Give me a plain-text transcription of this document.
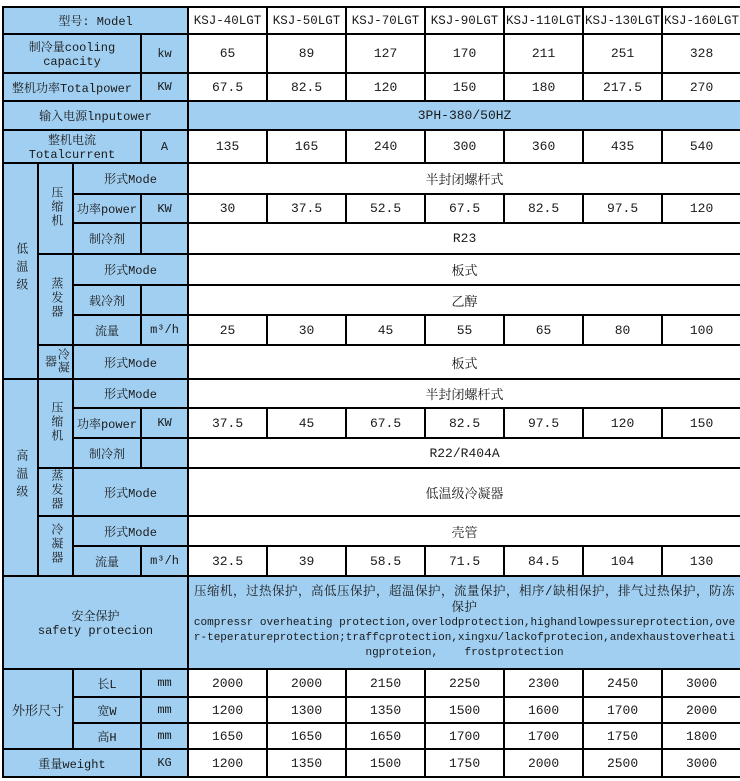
型号: Model				KSJ-40LGT	KSJ-50LGT	KSJ-70LGT	KSJ-90LGT	KSJ-110LGT	KSJ-130LGT	KSJ-160LGT
制冷量cooling capacity			kw	65	89	127	170	211	251	328
整机功率Totalpower			KW	67.5	82.5	120	150	180	217.5	270
输入电源lnputower				3PH-380/50HZ						
整机电流Totalcurrent			A	135	165	240	300	360	435	540
低温级	压缩机	形式Mode		半封闭螺杆式						
		功率power	KW	30	37.5	52.5	67.5	82.5	97.5	120
		制冷剂		R23						
	蒸发器	形式Mode		板式						
		载冷剂		乙醇						
		流量	m³/h	25	30	45	55	65	80	100
	冷凝器	形式Mode		板式						
高温级	压缩机	形式Mode		半封闭螺杆式						
		功率power	KW	37.5	45	67.5	82.5	97.5	120	150
		制冷剂		R22/R404A						
	蒸发器	形式Mode		低温级冷凝器						
	冷凝器	形式Mode		壳管						
		流量	m³/h	32.5	39	58.5	71.5	84.5	104	130

安全保护
safety protecion				压缩机，过热保护，高低压保护，超温保护，流量保护，相序/缺相保护，排气过热保护，防冻保护
compressr overheating protection,overlodprotection,highandlowpessureprotection,over-teperatureprotection;traffcprotection,xingxu/lackofprotecion,andexhaustoverheatingproteion,    frostprotection						

外形尺寸		长L	mm	2000	2000	2150	2250	2300	2450	3000
		宽W	mm	1200	1300	1350	1500	1600	1700	2000
		高H	mm	1650	1650	1650	1700	1700	1750	1800
重量weight			KG	1200	1350	1500	1750	2000	2500	3000
